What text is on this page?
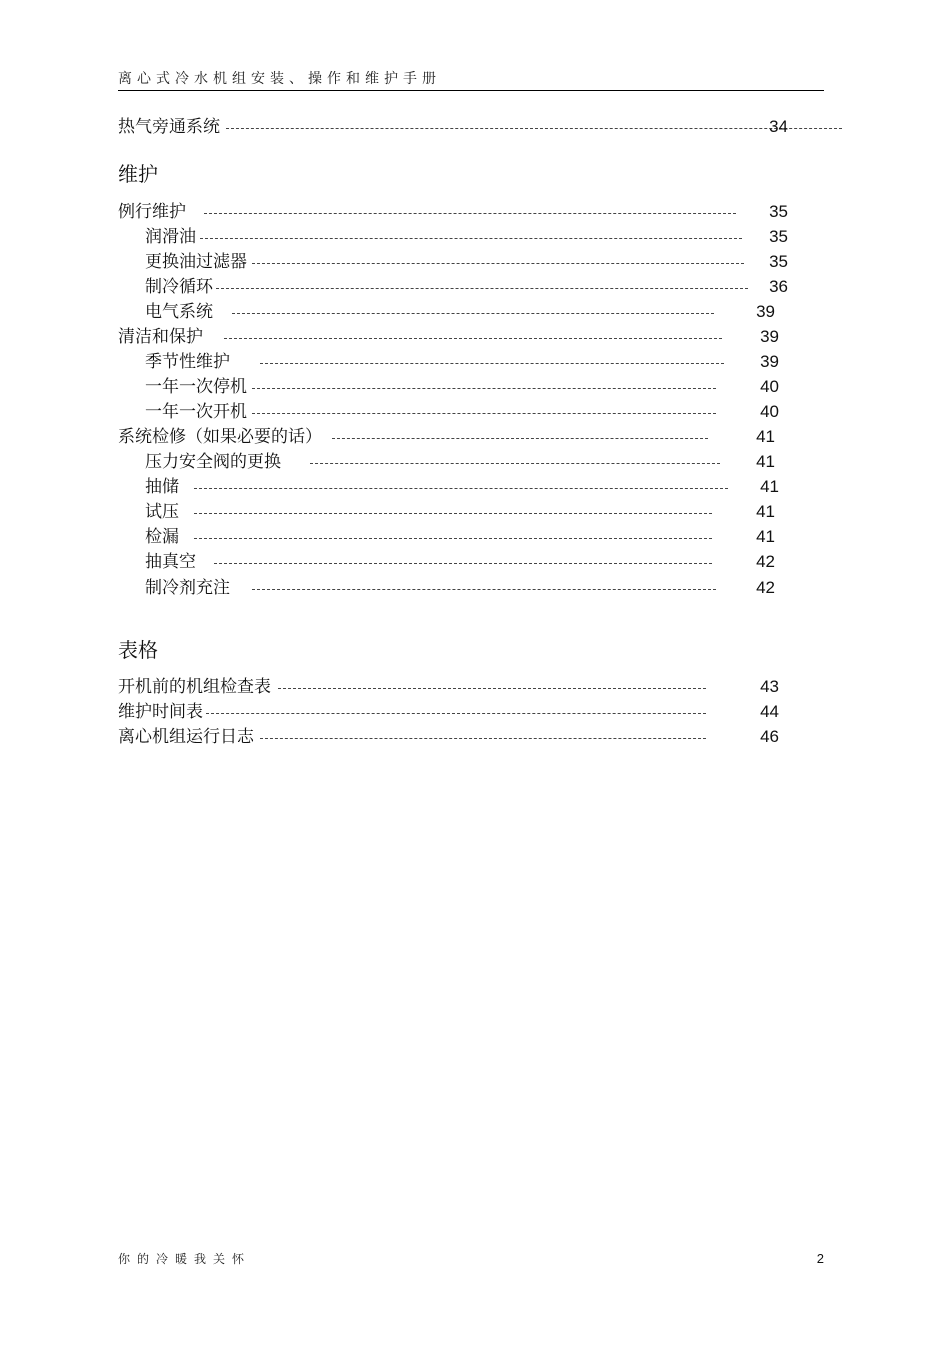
离心式冷水机组安装、操作和维护手册
热气旁通系统	34
维护
例行维护	35
润滑油	35
更换油过滤器	35
制冷循环	36
电气系统	39
清洁和保护	39
季节性维护	39
一年一次停机	40
一年一次开机	40
系统检修（如果必要的话）	41
压力安全阀的更换	41
抽储	41
试压	41
检漏	41
抽真空	42
制冷剂充注	42
表格
开机前的机组检查表	43
维护时间表	44
离心机组运行日志	46
你的冷暖我关怀	2
